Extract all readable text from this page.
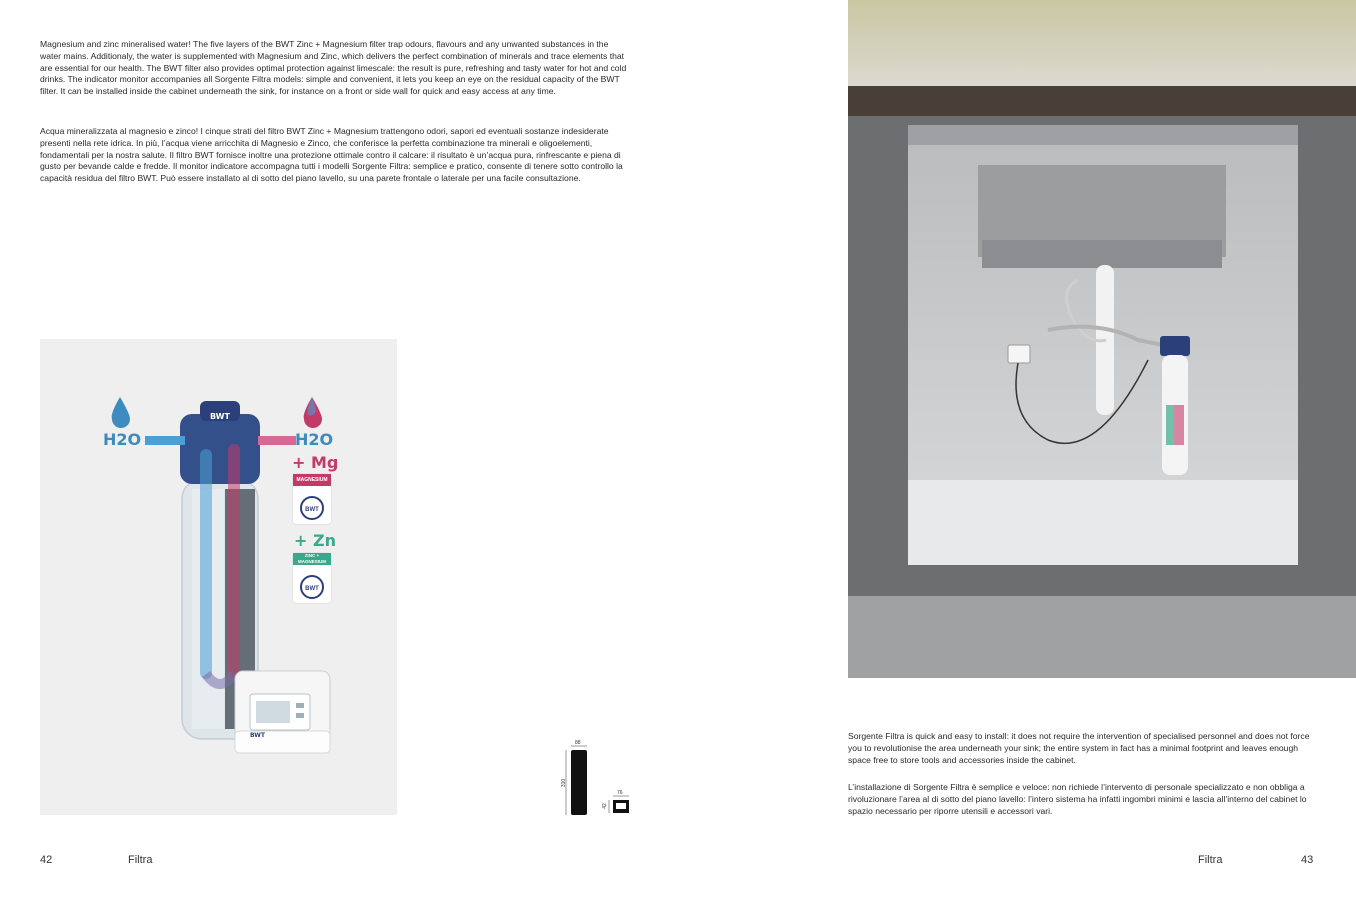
Magnesium and zinc mineralised water! The five layers of the BWT Zinc + Magnesium filter trap odours, flavours and any unwanted substances in the water mains. Additionaly, the water is supplemented with Magnesium and Zinc, which delivers the perfect combination of minerals and trace elements that are essential for our health. The BWT filter also provides optimal protection against limescale: the result is pure, refreshing and tasty water for hot and cold drinks. The indicator monitor accompanies all Sorgente Filtra models: simple and convenient, it lets you keep an eye on the residual capacity of the BWT filter. It can be installed inside the cabinet underneath the sink, for instance on a front or side wall for quick and easy access at any time.

Acqua mineralizzata al magnesio e zinco! I cinque strati del filtro BWT Zinc + Magnesium trattengono odori, sapori ed eventuali sostanze indesiderate presenti nella rete idrica. In più, l’acqua viene arricchita di Magnesio e Zinco, che conferisce la perfetta combinazione tra minerali e oligoelementi, fondamentali per la nostra salute. Il filtro BWT fornisce inoltre una protezione ottimale contro il calcare: il risultato è un’acqua pura, rinfrescante e piena di gusto per bevande calde e fredde. Il monitor indicatore accompagna tutti i modelli Sorgente Filtra: semplice e pratico, consente di tenere sotto controllo la capacità residua del filtro BWT. Può essere installato al di sotto del piano lavello, su una parete frontale o laterale per una facile consultazione.

BWT
BWT
H2O	H2O
+ Mg
MAGNESIUM
BWT
+ Zn
ZINC + MAGNESIUM
BWT
88
310
76
42

Sorgente Filtra is quick and easy to install: it does not require the intervention of specialised personnel and does not force you to revolutionise the area underneath your sink; the entire system in fact has a minimal footprint and leaves enough space free to store tools and accessories inside the cabinet.

L’installazione di Sorgente Filtra è semplice e veloce: non richiede l’intervento di personale specializzato e non obbliga a rivoluzionare l’area al di sotto del piano lavello: l’intero sistema ha infatti ingombri minimi e lascia all’interno del cabinet lo spazio necessario per riporre utensili e accessori vari.

42	Filtra	Filtra	43
